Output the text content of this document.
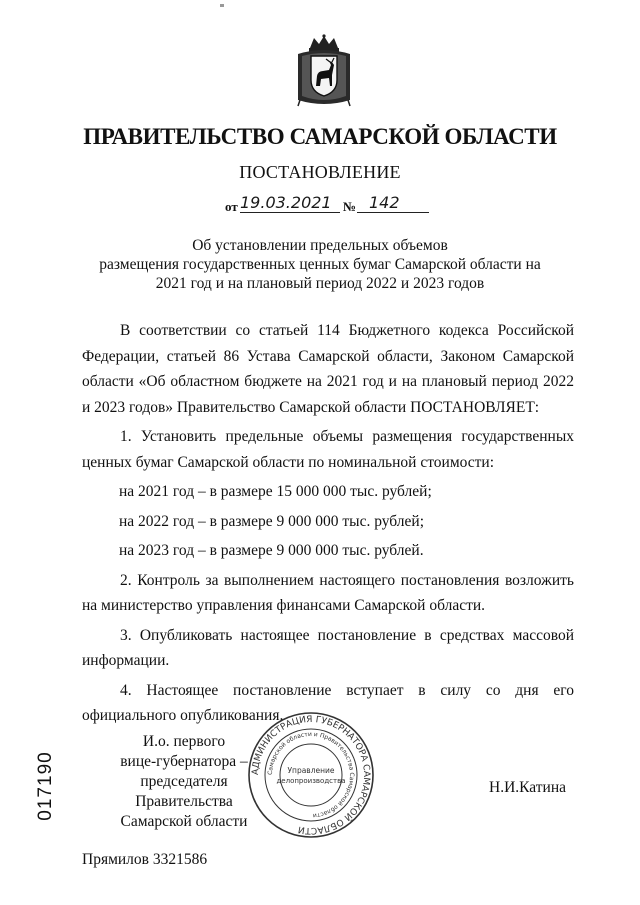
ПРАВИТЕЛЬСТВО САМАРСКОЙ ОБЛАСТИ
ПОСТАНОВЛЕНИЕ
от 19.03.2021 № 142
Об установлении предельных объемов
размещения государственных ценных бумаг Самарской области на
2021 год и на плановый период 2022 и 2023 годов

В соответствии со статьей 114 Бюджетного кодекса Российской Федерации, статьей 86 Устава Самарской области, Законом Самарской области «Об областном бюджете на 2021 год и на плановый период 2022 и 2023 годов» Правительство Самарской области ПОСТАНОВЛЯЕТ:

1. Установить предельные объемы размещения государственных ценных бумаг Самарской области по номинальной стоимости:

на 2021 год – в размере 15 000 000 тыс. рублей;

на 2022 год – в размере 9 000 000 тыс. рублей;

на 2023 год – в размере 9 000 000 тыс. рублей.

2. Контроль за выполнением настоящего постановления возложить на министерство управления финансами Самарской области.

3. Опубликовать настоящее постановление в средствах массовой информации.

4. Настоящее постановление вступает в силу со дня его официального опубликования.

АДМИНИСТРАЦИЯ ГУБЕРНАТОРА САМАРСКОЙ ОБЛАСТИ
Самарской области и Правительства Самарской области
Управление
делопроизводства
И.о. первого
вице-губернатора –
председателя Правительства
Самарской области
Н.И.Катина
017190
Прямилов 3321586
